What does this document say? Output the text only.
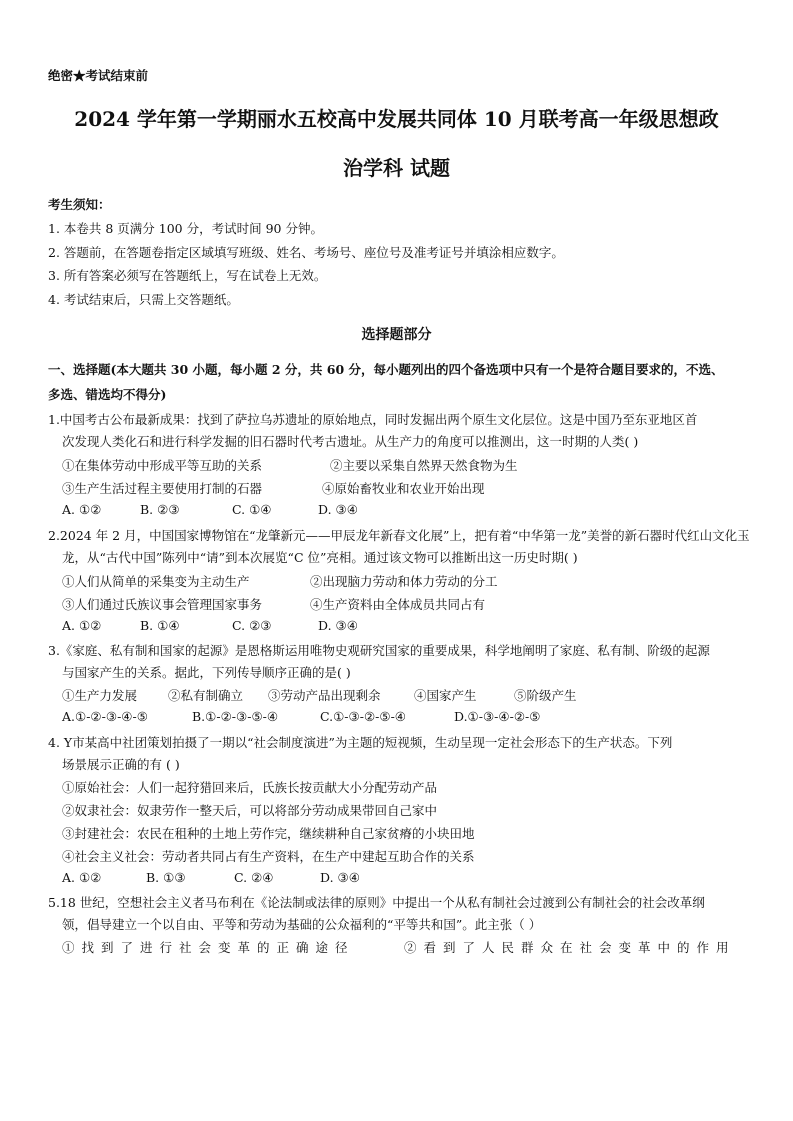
绝密★考试结束前
2024 学年第一学期丽水五校高中发展共同体 10 月联考高一年级思想政
治学科 试题
考生须知：
1. 本卷共 8 页满分 100 分，考试时间 90 分钟。
2. 答题前，在答题卷指定区域填写班级、姓名、考场号、座位号及准考证号并填涂相应数字。
3. 所有答案必须写在答题纸上，写在试卷上无效。
4. 考试结束后，只需上交答题纸。
选择题部分
一、选择题(本大题共 30 小题，每小题 2 分，共 60 分，每小题列出的四个备选项中只有一个是符合题目要求的，不选、
多选、错选均不得分)
1.中国考古公布最新成果：找到了萨拉乌苏遗址的原始地点，同时发掘出两个原生文化层位。这是中国乃至东亚地区首
次发现人类化石和进行科学发掘的旧石器时代考古遗址。从生产力的角度可以推测出，这一时期的人类( )
①在集体劳动中形成平等互助的关系	②主要以采集自然界天然食物为生
③生产生活过程主要使用打制的石器	④原始畜牧业和农业开始出现
A. ①②	B. ②③	C. ①④	D. ③④
2.2024 年 2 月，中国国家博物馆在“龙肇新元——甲辰龙年新春文化展”上，把有着“中华第一龙”美誉的新石器时代红山文化玉
龙，从“古代中国”陈列中“请”到本次展览“C 位”亮相。通过该文物可以推断出这一历史时期( )
①人们从简单的采集变为主动生产	②出现脑力劳动和体力劳动的分工
③人们通过氏族议事会管理国家事务	④生产资料由全体成员共同占有
A. ①②	B. ①④	C. ②③	D. ③④
3.《家庭、私有制和国家的起源》是恩格斯运用唯物史观研究国家的重要成果，科学地阐明了家庭、私有制、阶级的起源
与国家产生的关系。据此，下列传导顺序正确的是( )
①生产力发展 ②私有制确立 ③劳动产品出现剩余	④国家产生	⑤阶级产生
A.①-②-③-④-⑤	B.①-②-③-⑤-④	C.①-③-②-⑤-④	D.①-③-④-②-⑤
4. Y市某高中社团策划拍摄了一期以“社会制度演进”为主题的短视频，生动呈现一定社会形态下的生产状态。下列
场景展示正确的有 ( )
①原始社会：人们一起狩猎回来后，氏族长按贡献大小分配劳动产品
②奴隶社会：奴隶劳作一整天后，可以将部分劳动成果带回自己家中
③封建社会：农民在租种的土地上劳作完，继续耕种自己家贫瘠的小块田地
④社会主义社会：劳动者共同占有生产资料，在生产中建起互助合作的关系
A. ①②	B. ①③	C. ②④	D. ③④
5.18 世纪，空想社会主义者马布利在《论法制或法律的原则》中提出一个从私有制社会过渡到公有制社会的社会改革纲
领，倡导建立一个以自由、平等和劳动为基础的公众福利的“平等共和国”。此主张（ ）
①找到了进行社会变革的正确途径	②看到了人民群众在社会变革中的作用
